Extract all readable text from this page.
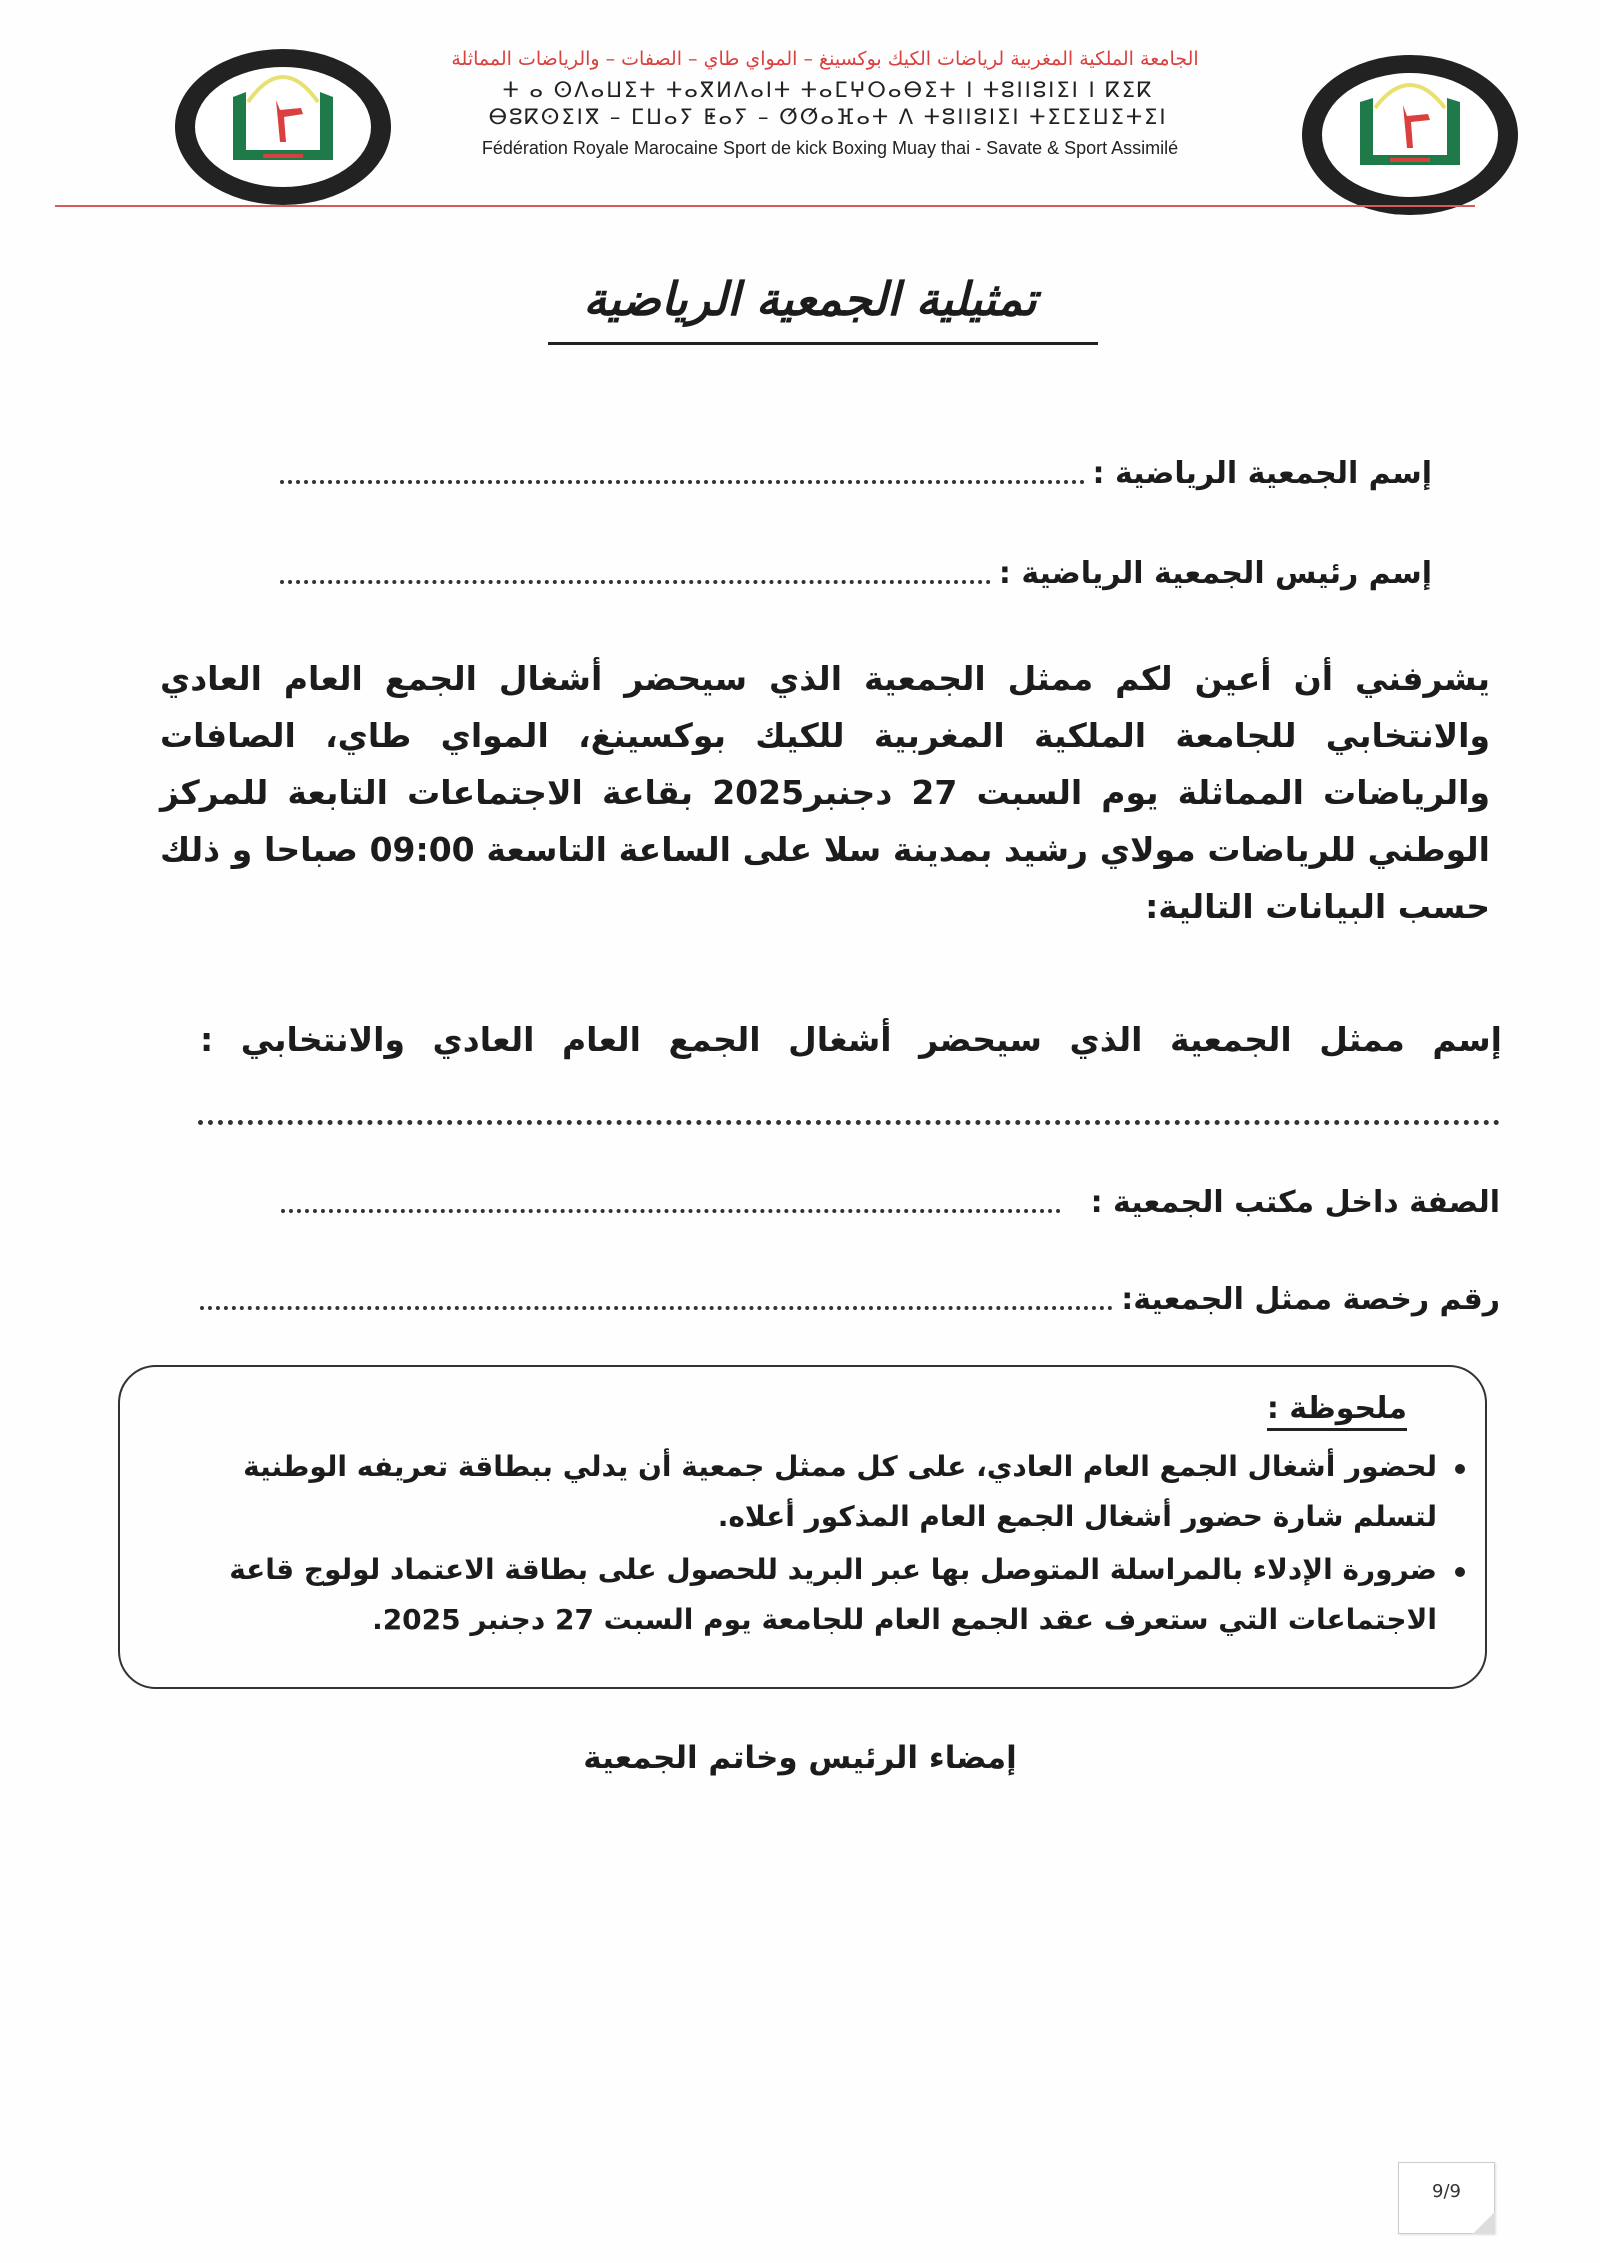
الجامعة الملكية المغربية لرياضات الكيك بوكسينغ – المواي طاي – الصفات – والرياضات المماثلة
ⵜ ⴰ ⵙⴷⴰⵡⵉⵜ ⵜⴰⴳⵍⴷⴰⵏⵜ ⵜⴰⵎⵖⵔⴰⴱⵉⵜ ⵏ ⵜⵓⵏⵏⵓⵏⵉⵏ ⵏ ⴽⵉⴽ
ⴱⵓⴽⵙⵉⵏⴳ – ⵎⵡⴰⵢ ⵟⴰⵢ – ⵚⵚⴰⴼⴰⵜ ⴷ ⵜⵓⵏⵏⵓⵏⵉⵏ ⵜⵉⵎⵉⵡⵉⵜⵉⵏ
Fédération Royale Marocaine Sport de kick Boxing Muay thai - Savate & Sport Assimilé
تمثيلية الجمعية الرياضية
إسم الجمعية الرياضية :
إسم رئيس الجمعية الرياضية :
يشرفني أن أعين لكم ممثل الجمعية الذي سيحضر أشغال الجمع العام العادي والانتخابي للجامعة الملكية المغربية للكيك بوكسينغ، المواي طاي، الصافات والرياضات المماثلة يوم السبت 27 دجنبر2025 بقاعة الاجتماعات التابعة للمركز الوطني للرياضات مولاي رشيد بمدينة سلا على الساعة التاسعة 09:00 صباحا و ذلك حسب البيانات التالية:
إسم ممثل الجمعية الذي سيحضر أشغال الجمع العام العادي والانتخابي :
الصفة داخل مكتب الجمعية :
رقم رخصة ممثل الجمعية:
ملحوظة :
لحضور أشغال الجمع العام العادي، على كل ممثل جمعية أن يدلي ببطاقة تعريفه الوطنية لتسلم شارة حضور أشغال الجمع العام المذكور أعلاه.
ضرورة الإدلاء بالمراسلة المتوصل بها عبر البريد للحصول على بطاقة الاعتماد لولوج قاعة الاجتماعات التي ستعرف عقد الجمع العام للجامعة يوم السبت 27 دجنبر 2025.
إمضاء الرئيس وخاتم الجمعية
9/9
